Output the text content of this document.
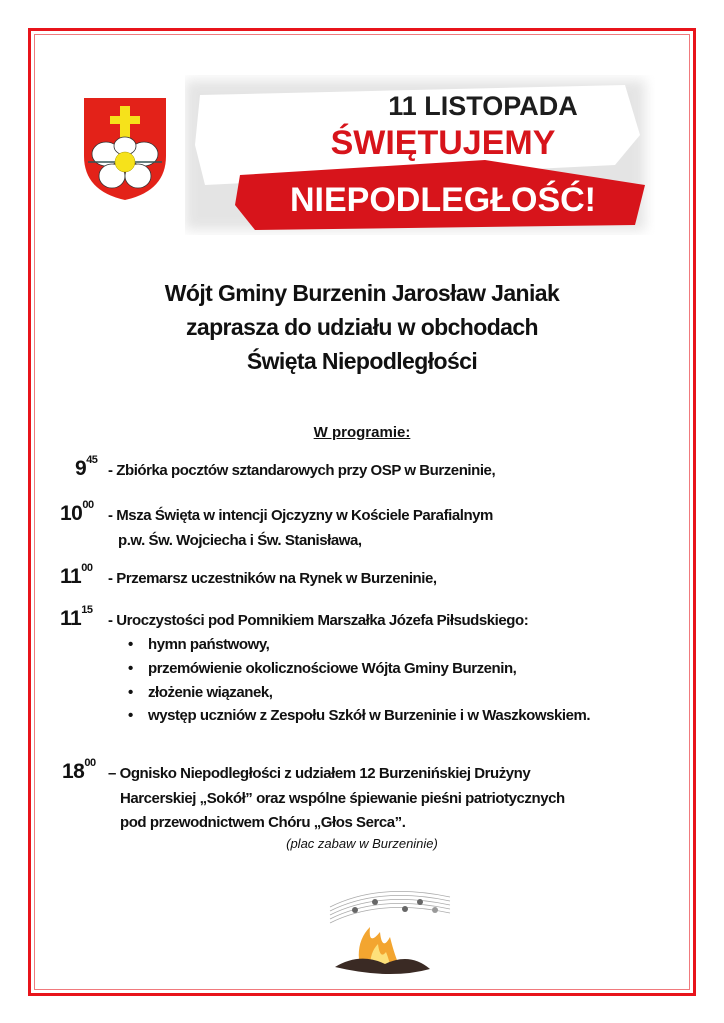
11 LISTOPADA
ŚWIĘTUJEMY
NIEPODLEGŁOŚĆ!
Wójt Gminy Burzenin Jarosław Janiak
zaprasza do udziału w obchodach
Święta Niepodległości
W programie:
$9^{45}$
- Zbiórka pocztów sztandarowych przy OSP w Burzeninie,
$10^{00}$
- Msza Święta w intencji Ojczyzny w Kościele Parafialnym
p.w. Św. Wojciecha i Św. Stanisława,
$11^{00}$
- Przemarsz uczestników na Rynek w Burzeninie,
$11^{15}$
- Uroczystości pod Pomnikiem Marszałka Józefa Piłsudskiego:
• hymn państwowy,
• przemówienie okolicznościowe Wójta Gminy Burzenin,
• złożenie wiązanek,
• występ uczniów z Zespołu Szkół w Burzeninie i w Waszkowskiem.
$18^{00}$
– Ognisko Niepodległości z udziałem 12 Burzenińskiej Drużyny
Harcerskiej „Sokół” oraz wspólne śpiewanie pieśni patriotycznych
pod przewodnictwem Chóru „Głos Serca”.
(plac zabaw w Burzeninie)
